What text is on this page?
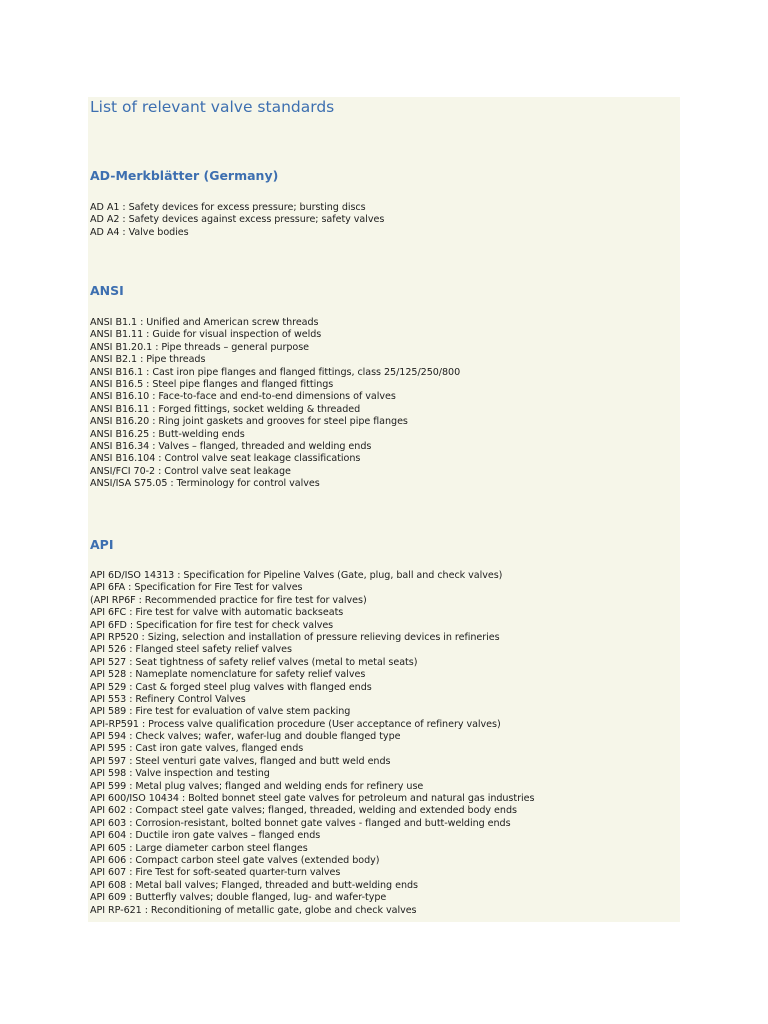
List of relevant valve standards
AD-Merkblätter (Germany)
AD A1 : Safety devices for excess pressure; bursting discs
AD A2 : Safety devices against excess pressure; safety valves
AD A4 : Valve bodies
ANSI
ANSI B1.1 : Unified and American screw threads
ANSI B1.11 : Guide for visual inspection of welds
ANSI B1.20.1 : Pipe threads – general purpose
ANSI B2.1 : Pipe threads
ANSI B16.1 : Cast iron pipe flanges and flanged fittings, class 25/125/250/800
ANSI B16.5 : Steel pipe flanges and flanged fittings
ANSI B16.10 : Face-to-face and end-to-end dimensions of valves
ANSI B16.11 : Forged fittings, socket welding & threaded
ANSI B16.20 : Ring joint gaskets and grooves for steel pipe flanges
ANSI B16.25 : Butt-welding ends
ANSI B16.34 : Valves – flanged, threaded and welding ends
ANSI B16.104 : Control valve seat leakage classifications
ANSI/FCI 70-2 : Control valve seat leakage
ANSI/ISA S75.05 : Terminology for control valves
API
API 6D/ISO 14313 : Specification for Pipeline Valves (Gate, plug, ball and check valves)
API 6FA : Specification for Fire Test for valves
(API RP6F : Recommended practice for fire test for valves)
API 6FC : Fire test for valve with automatic backseats
API 6FD : Specification for fire test for check valves
API RP520 : Sizing, selection and installation of pressure relieving devices in refineries
API 526 : Flanged steel safety relief valves
API 527 : Seat tightness of safety relief valves (metal to metal seats)
API 528 : Nameplate nomenclature for safety relief valves
API 529 : Cast & forged steel plug valves with flanged ends
API 553 : Refinery Control Valves
API 589 : Fire test for evaluation of valve stem packing
API-RP591 : Process valve qualification procedure (User acceptance of refinery valves)
API 594 : Check valves; wafer, wafer-lug and double flanged type
API 595 : Cast iron gate valves, flanged ends
API 597 : Steel venturi gate valves, flanged and butt weld ends
API 598 : Valve inspection and testing
API 599 : Metal plug valves; flanged and welding ends for refinery use
API 600/ISO 10434 : Bolted bonnet steel gate valves for petroleum and natural gas industries
API 602 : Compact steel gate valves; flanged, threaded, welding and extended body ends
API 603 : Corrosion-resistant, bolted bonnet gate valves - flanged and butt-welding ends
API 604 : Ductile iron gate valves – flanged ends
API 605 : Large diameter carbon steel flanges
API 606 : Compact carbon steel gate valves (extended body)
API 607 : Fire Test for soft-seated quarter-turn valves
API 608 : Metal ball valves; Flanged, threaded and butt-welding ends
API 609 : Butterfly valves; double flanged, lug- and wafer-type
API RP-621 : Reconditioning of metallic gate, globe and check valves
